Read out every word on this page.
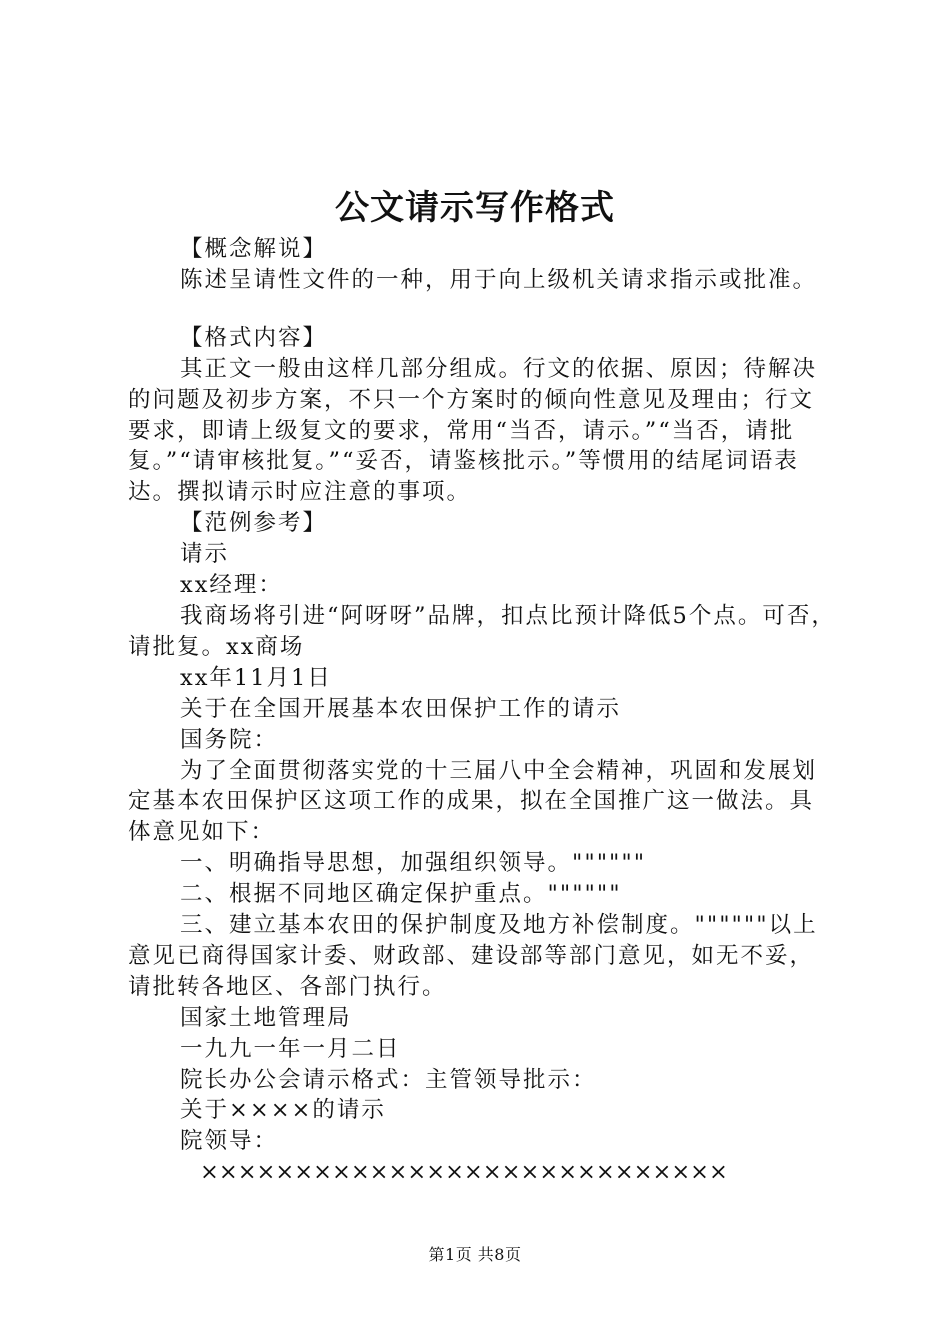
公文请示写作格式

【概念解说】

陈述呈请性文件的一种，用于向上级机关请求指示或批准。

【格式内容】

其正文一般由这样几部分组成。行文的依据、原因；待解决的问题及初步方案，不只一个方案时的倾向性意见及理由；行文要求，即请上级复文的要求，常用“当否，请示。”“当否，请批复。”“请审核批复。”“妥否，请鉴核批示。”等惯用的结尾词语表达。撰拟请示时应注意的事项。

【范例参考】

请示

xx经理：

我商场将引进“阿呀呀”品牌，扣点比预计降低5个点。可否，请批复。xx商场

xx年11月1日

关于在全国开展基本农田保护工作的请示

国务院：

为了全面贯彻落实党的十三届八中全会精神，巩固和发展划定基本农田保护区这项工作的成果，拟在全国推广这一做法。具体意见如下：

一、明确指导思想，加强组织领导。""""""

二、根据不同地区确定保护重点。""""""

三、建立基本农田的保护制度及地方补偿制度。""""""以上意见已商得国家计委、财政部、建设部等部门意见，如无不妥，请批转各地区、各部门执行。

国家土地管理局

一九九一年一月二日

院长办公会请示格式：主管领导批示：

关于××××的请示

院领导：

××××××××××××××××××××××××××××

第1页 共8页
